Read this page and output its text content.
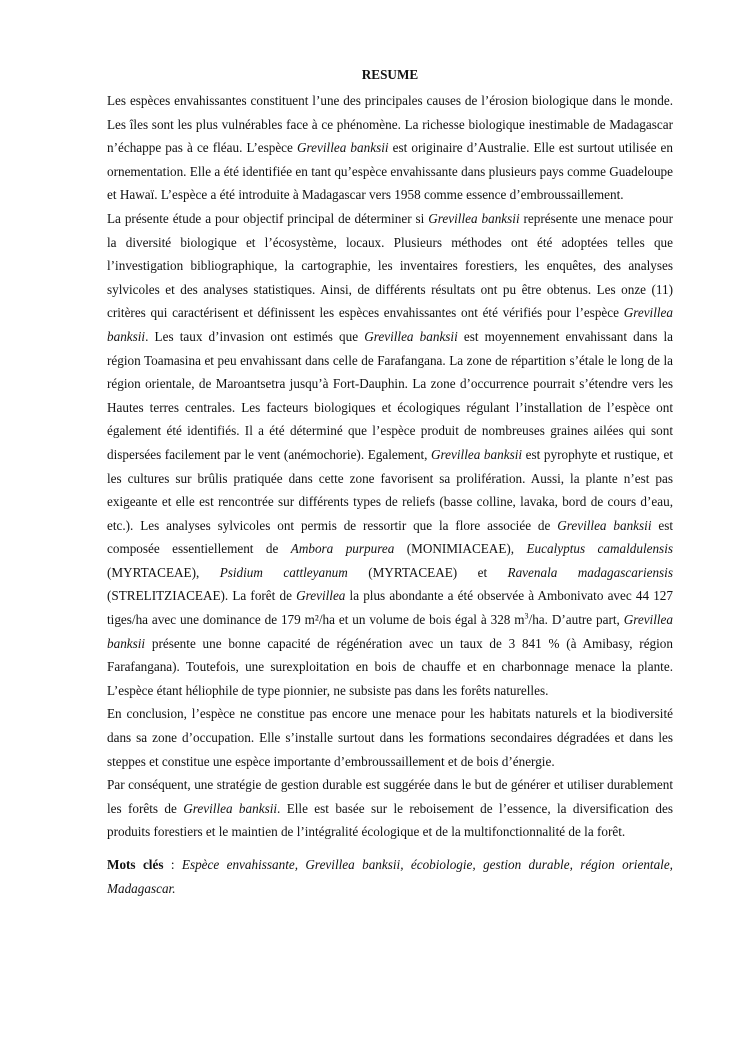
RESUME

Les espèces envahissantes constituent l’une des principales causes de l’érosion biologique dans le monde. Les îles sont les plus vulnérables face à ce phénomène. La richesse biologique inestimable de Madagascar n’échappe pas à ce fléau. L’espèce Grevillea banksii est originaire d’Australie. Elle est surtout utilisée en ornementation. Elle a été identifiée en tant qu’espèce envahissante dans plusieurs pays comme Guadeloupe et Hawaï. L’espèce a été introduite à Madagascar vers 1958 comme essence d’embroussaillement.

La présente étude a pour objectif principal de déterminer si Grevillea banksii représente une menace pour la diversité biologique et l’écosystème, locaux. Plusieurs méthodes ont été adoptées telles que l’investigation bibliographique, la cartographie, les inventaires forestiers, les enquêtes, des analyses sylvicoles et des analyses statistiques. Ainsi, de différents résultats ont pu être obtenus. Les onze (11) critères qui caractérisent et définissent les espèces envahissantes ont été vérifiés pour l’espèce Grevillea banksii. Les taux d’invasion ont estimés que Grevillea banksii est moyennement envahissant dans la région Toamasina et peu envahissant dans celle de Farafangana. La zone de répartition s’étale le long de la région orientale, de Maroantsetra jusqu’à Fort-Dauphin. La zone d’occurrence pourrait s’étendre vers les Hautes terres centrales. Les facteurs biologiques et écologiques régulant l’installation de l’espèce ont également été identifiés. Il a été déterminé que l’espèce produit de nombreuses graines ailées qui sont dispersées facilement par le vent (anémochorie). Egalement, Grevillea banksii est pyrophyte et rustique, et les cultures sur brûlis pratiquée dans cette zone favorisent sa prolifération. Aussi, la plante n’est pas exigeante et elle est rencontrée sur différents types de reliefs (basse colline, lavaka, bord de cours d’eau, etc.). Les analyses sylvicoles ont permis de ressortir que la flore associée de Grevillea banksii est composée essentiellement de Ambora purpurea (MONIMIACEAE), Eucalyptus camaldulensis (MYRTACEAE), Psidium cattleyanum (MYRTACEAE) et Ravenala madagascariensis (STRELITZIACEAE). La forêt de Grevillea la plus abondante a été observée à Ambonivato avec 44 127 tiges/ha avec une dominance de 179 m²/ha et un volume de bois égal à 328 $m^3/ha$. D’autre part, Grevillea banksii présente une bonne capacité de régénération avec un taux de 3 841 % (à Amibasy, région Farafangana). Toutefois, une surexploitation en bois de chauffe et en charbonnage menace la plante. L’espèce étant héliophile de type pionnier, ne subsiste pas dans les forêts naturelles.

En conclusion, l’espèce ne constitue pas encore une menace pour les habitats naturels et la biodiversité dans sa zone d’occupation. Elle s’installe surtout dans les formations secondaires dégradées et dans les steppes et constitue une espèce importante d’embroussaillement et de bois d’énergie.

Par conséquent, une stratégie de gestion durable est suggérée dans le but de générer et utiliser durablement les forêts de Grevillea banksii. Elle est basée sur le reboisement de l’essence, la diversification des produits forestiers et le maintien de l’intégralité écologique et de la multifonctionnalité de la forêt.

Mots clés : Espèce envahissante, Grevillea banksii, écobiologie, gestion durable, région orientale, Madagascar.
